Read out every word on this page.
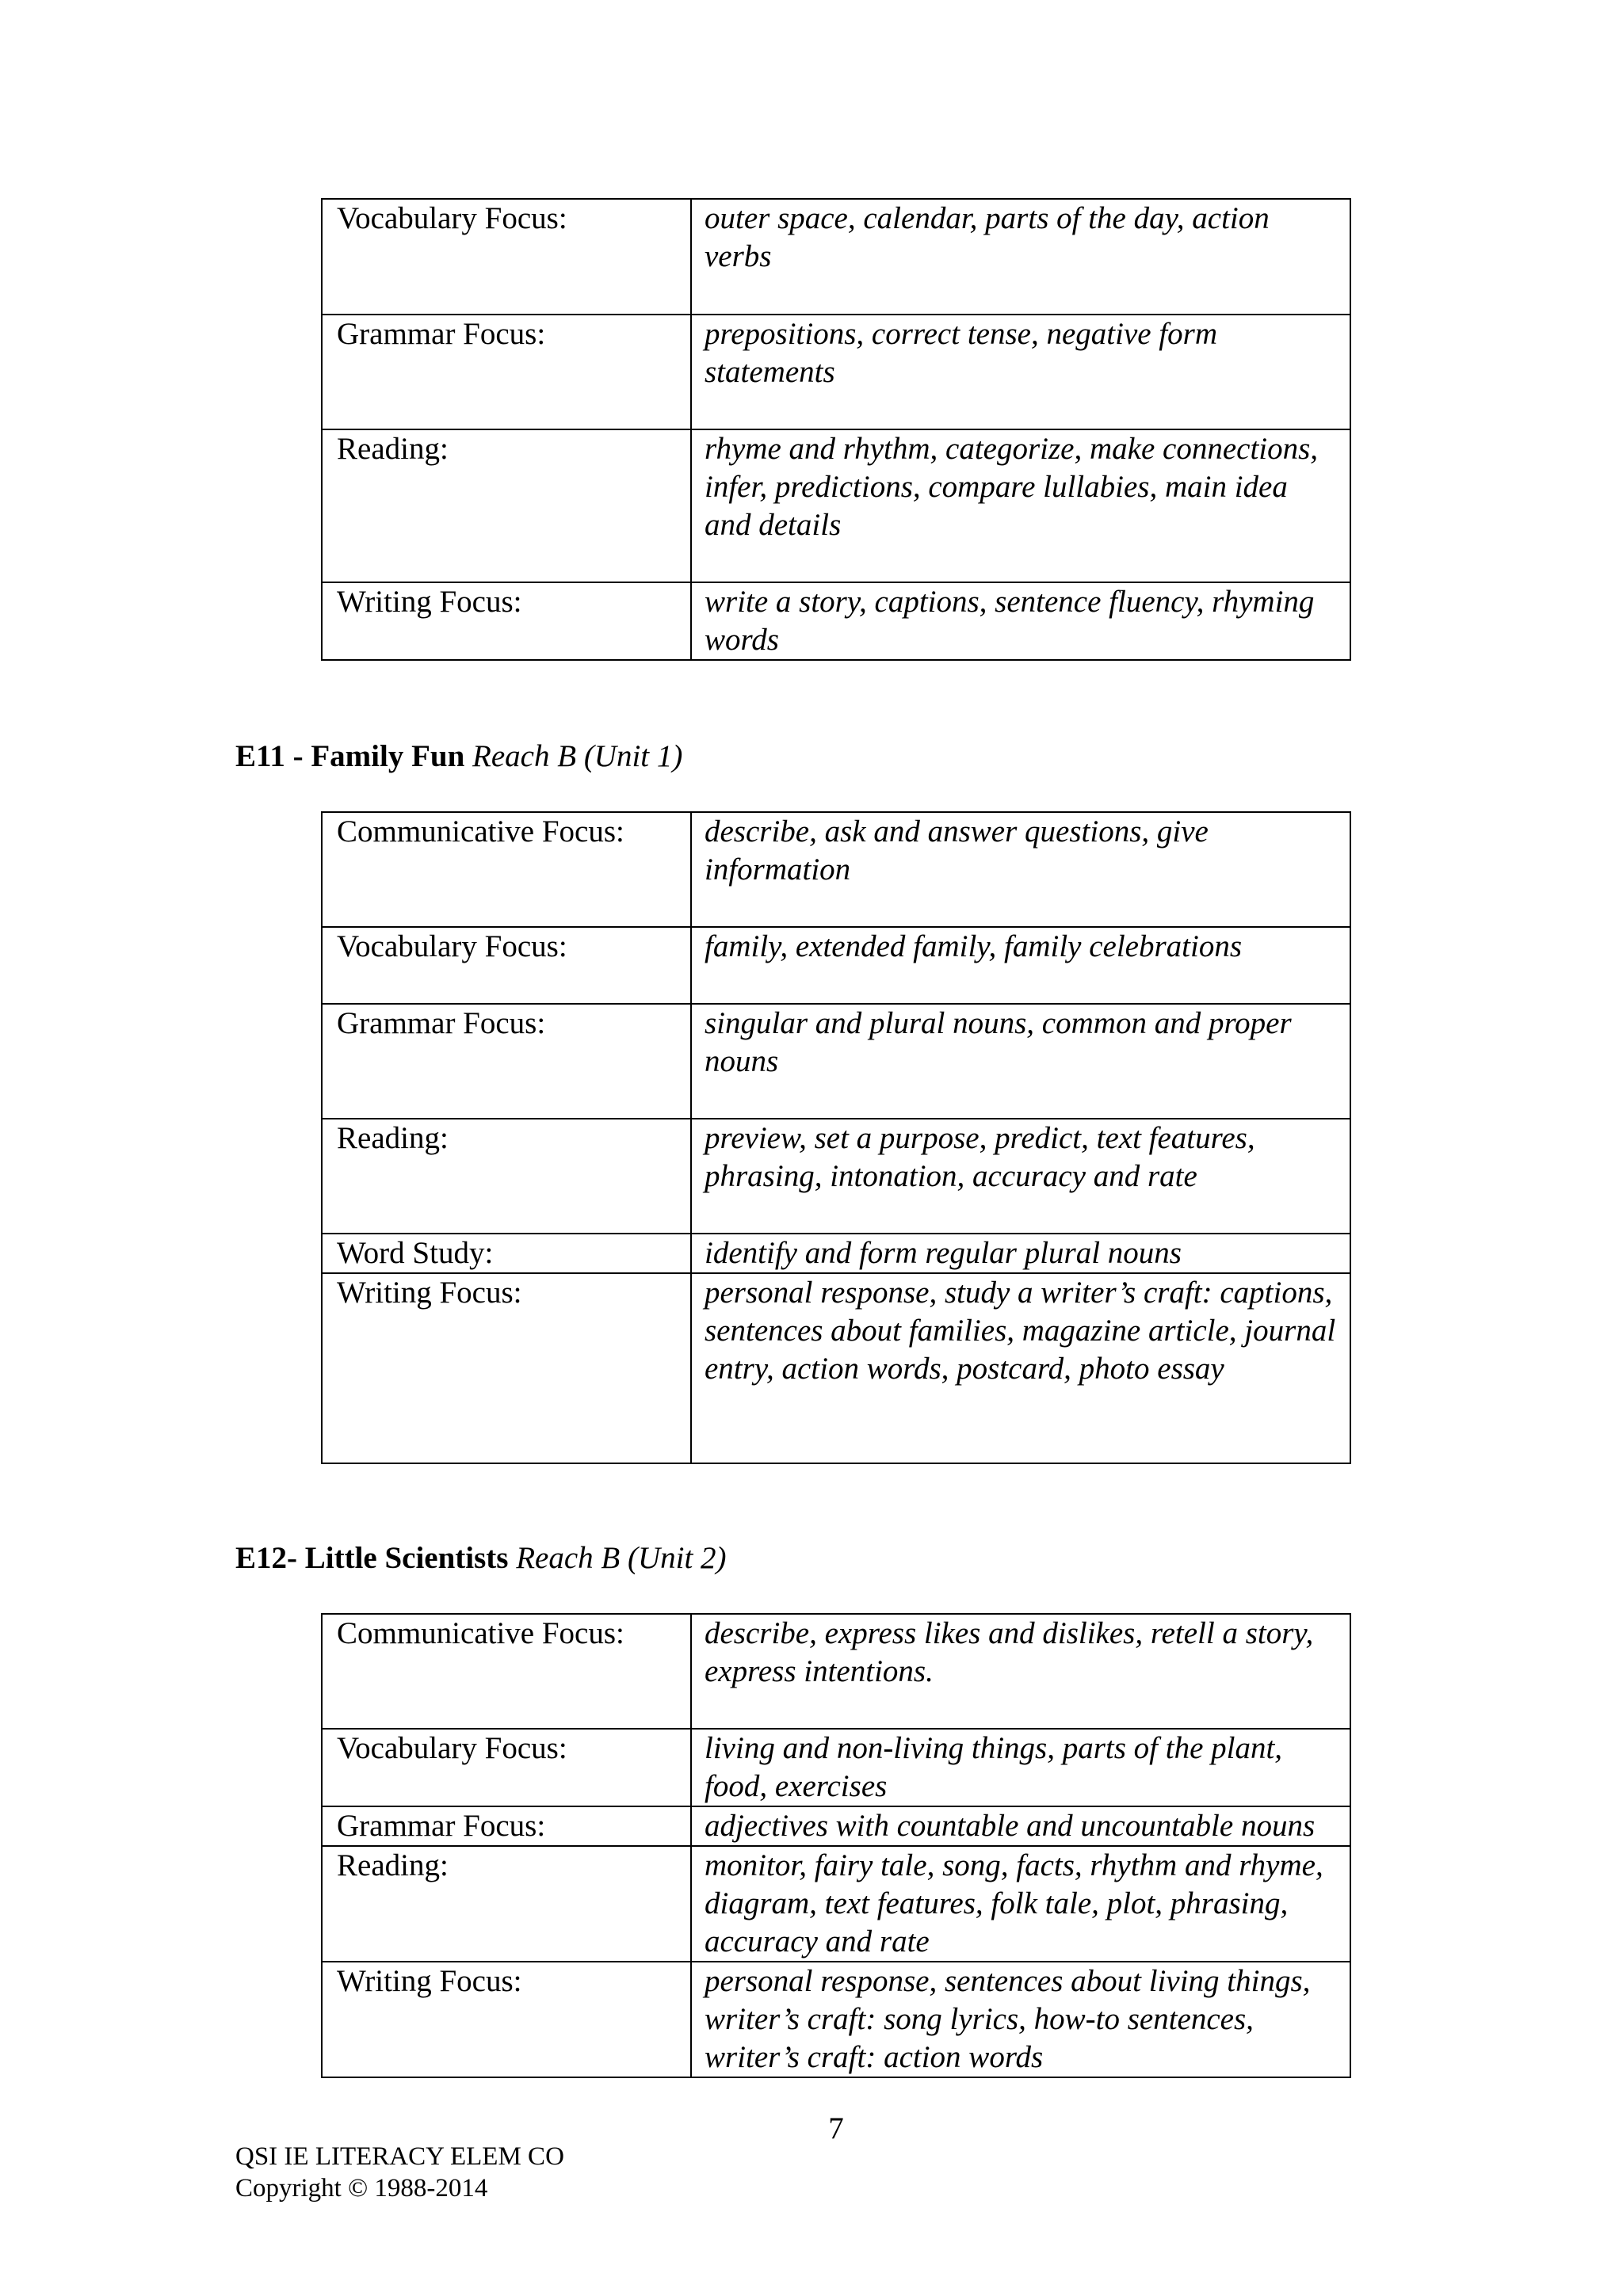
Vocabulary Focus:	outer space, calendar, parts of the day, action verbs
Grammar Focus:	prepositions, correct tense, negative form statements
Reading:	rhyme and rhythm, categorize, make connections, infer, predictions, compare lullabies, main idea and details
Writing Focus:	write a story, captions, sentence fluency, rhyming words
E11 - Family Fun Reach B (Unit 1)
Communicative Focus:	describe, ask and answer questions, give information
Vocabulary Focus:	family, extended family, family celebrations
Grammar Focus:	singular and plural nouns, common and proper nouns
Reading:	preview, set a purpose, predict, text features, phrasing, intonation, accuracy and rate
Word Study:	identify and form regular plural nouns
Writing Focus:	personal response, study a writer’s craft: captions, sentences about families, magazine article, journal entry, action words, postcard, photo essay
E12- Little Scientists Reach B (Unit 2)
Communicative Focus:	describe, express likes and dislikes, retell a story, express intentions.
Vocabulary Focus:	living and non-living things, parts of the plant, food, exercises
Grammar Focus:	adjectives with countable and uncountable nouns
Reading:	monitor, fairy tale, song, facts, rhythm and rhyme, diagram, text features, folk tale, plot, phrasing, accuracy and rate
Writing Focus:	personal response, sentences about living things, writer’s craft: song lyrics, how-to sentences, writer’s craft: action words
7
QSI IE LITERACY ELEM CO
Copyright © 1988-2014
